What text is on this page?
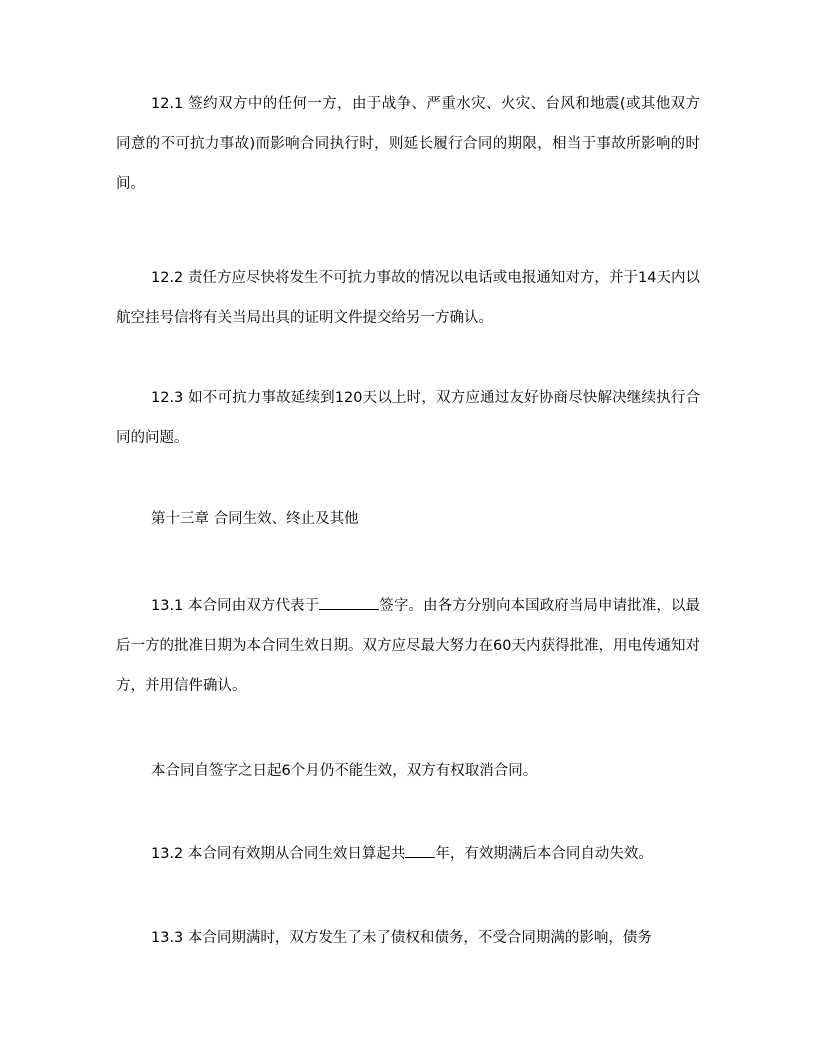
12.1 签约双方中的任何一方，由于战争、严重水灾、火灾、台风和地震(或其他双方同意的不可抗力事故)而影响合同执行时，则延长履行合同的期限，相当于事故所影响的时间。
12.2 责任方应尽快将发生不可抗力事故的情况以电话或电报通知对方，并于14天内以航空挂号信将有关当局出具的证明文件提交给另一方确认。
12.3 如不可抗力事故延续到120天以上时，双方应通过友好协商尽快解决继续执行合同的问题。
第十三章 合同生效、终止及其他
13.1 本合同由双方代表于	签字。由各方分别向本国政府当局申请批准，以最后一方的批准日期为本合同生效日期。双方应尽最大努力在60天内获得批准，用电传通知对方，并用信件确认。
本合同自签字之日起6个月仍不能生效，双方有权取消合同。
13.2 本合同有效期从合同生效日算起共 年，有效期满后本合同自动失效。
13.3 本合同期满时，双方发生了未了债权和债务，不受合同期满的影响，债务
